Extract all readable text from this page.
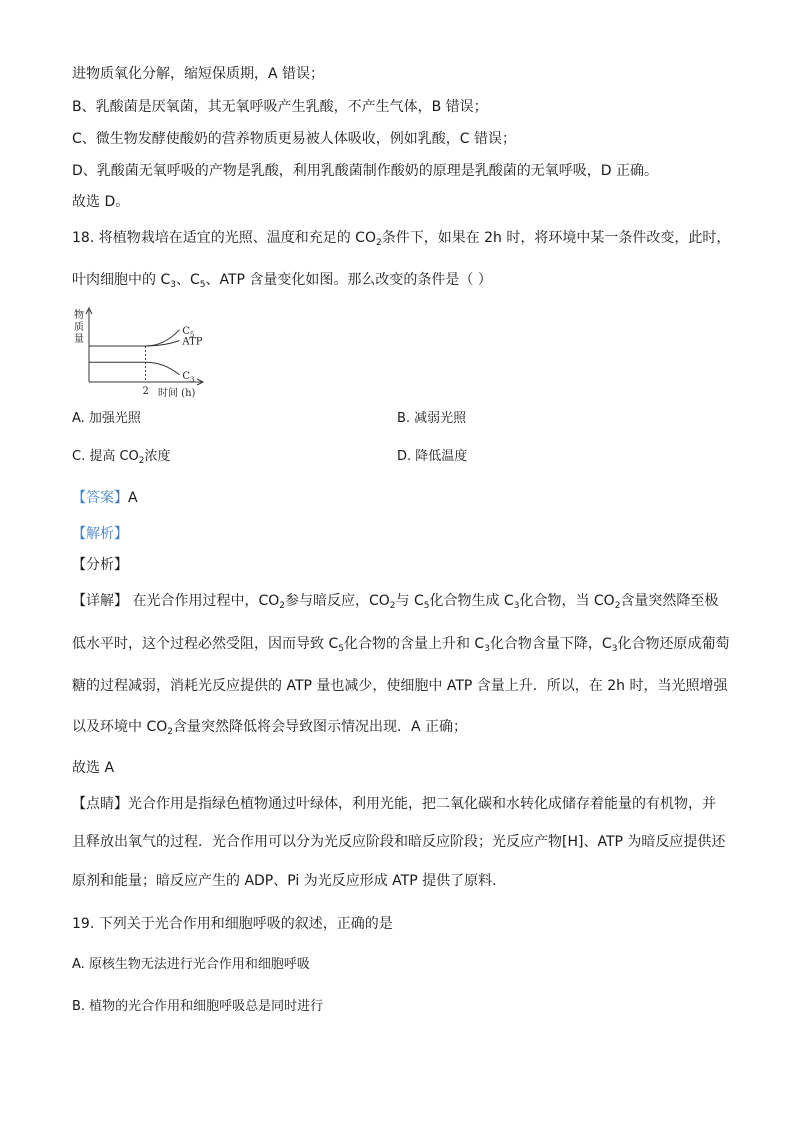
进物质氧化分解，缩短保质期，A 错误；
B、乳酸菌是厌氧菌，其无氧呼吸产生乳酸，不产生气体，B 错误；
C、微生物发酵使酸奶的营养物质更易被人体吸收，例如乳酸，C 错误；
D、乳酸菌无氧呼吸的产物是乳酸，利用乳酸菌制作酸奶的原理是乳酸菌的无氧呼吸，D 正确。
故选 D。
18. 将植物栽培在适宜的光照、温度和充足的 $CO_2$条件下，如果在 2h 时，将环境中某一条件改变，此时，
叶肉细胞中的 $C_3$、$C_5$、ATP 含量变化如图。那么改变的条件是（ ）
物质量
$C_5$
ATP
$C_3$
2 时间 (h)
A. 加强光照	B. 减弱光照
C. 提高 $CO_2$浓度	D. 降低温度
【答案】A
【解析】
【分析】
【详解】 在光合作用过程中，$CO_2$参与暗反应，$CO_2$与 $C_5$化合物生成 $C_3$化合物，当 $CO_2$含量突然降至极
低水平时，这个过程必然受阻，因而导致 $C_5$化合物的含量上升和 $C_3$化合物含量下降，$C_3$化合物还原成葡萄
糖的过程减弱，消耗光反应提供的 ATP 量也减少，使细胞中 ATP 含量上升．所以，在 2h 时，当光照增强
以及环境中 $CO_2$含量突然降低将会导致图示情况出现．A 正确；
故选 A
【点睛】光合作用是指绿色植物通过叶绿体，利用光能，把二氧化碳和水转化成储存着能量的有机物，并
且释放出氧气的过程．光合作用可以分为光反应阶段和暗反应阶段；光反应产物[H]、ATP 为暗反应提供还
原剂和能量；暗反应产生的 ADP、Pi 为光反应形成 ATP 提供了原料．
19. 下列关于光合作用和细胞呼吸的叙述，正确的是
A. 原核生物无法进行光合作用和细胞呼吸
B. 植物的光合作用和细胞呼吸总是同时进行
